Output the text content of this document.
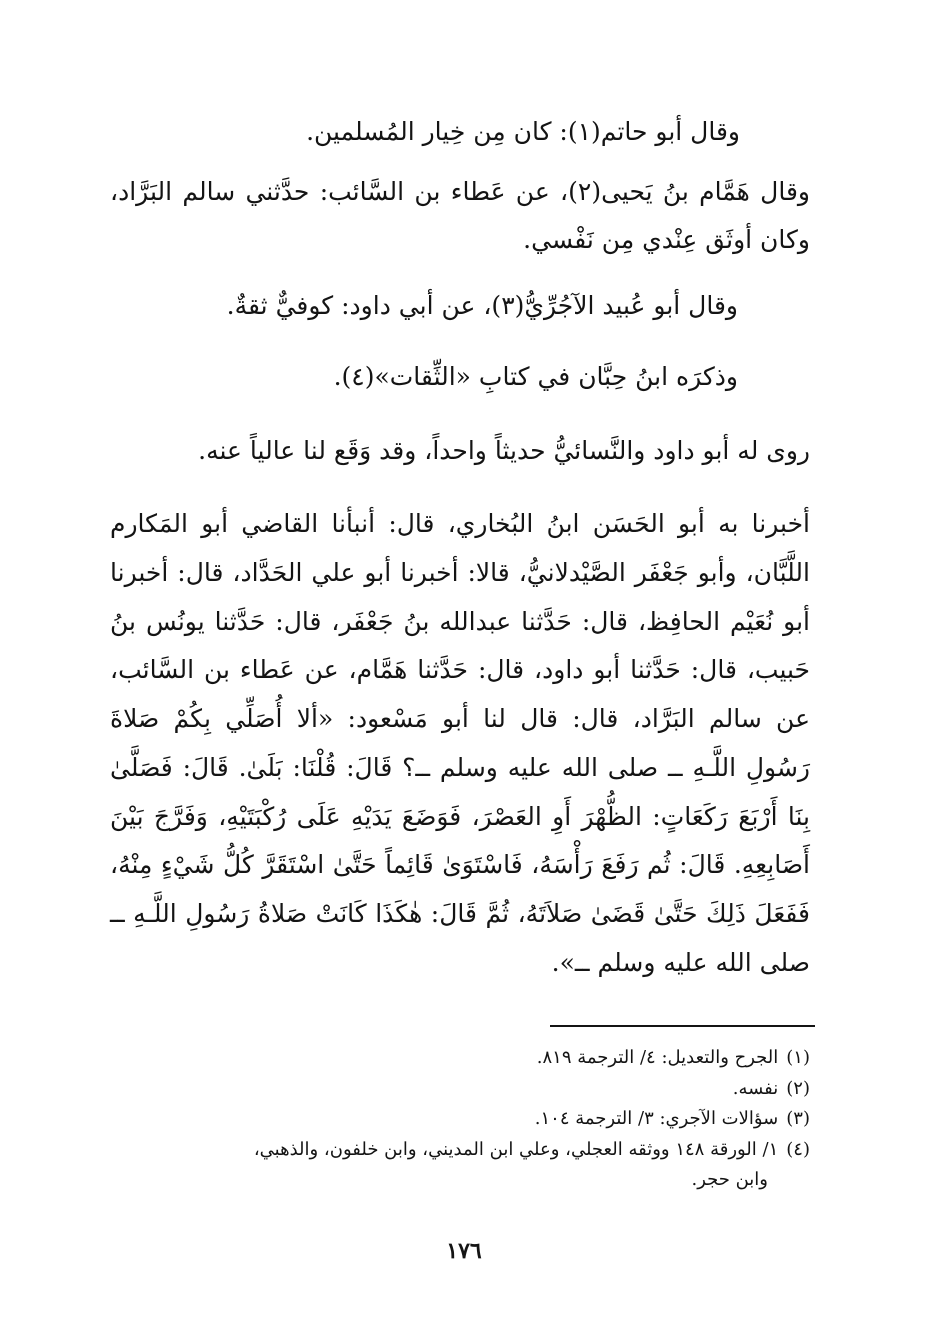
وقال أبو حاتم(١): كان مِن خِيار المُسلمين.

وقال هَمَّام بنُ يَحيى(٢)، عن عَطاء بن السَّائب: حدَّثني سالم البَرَّاد، وكان أوثَق عِنْدي مِن نَفْسي.

وقال أبو عُبيد الآجُرِّيُّ(٣)، عن أبي داود: كوفيٌّ ثقةٌ.

وذكرَه ابنُ حِبَّان في كتابِ «الثِّقات»(٤).

روى له أبو داود والنَّسائيُّ حديثاً واحداً، وقد وَقَع لنا عالياً عنه.

أخبرنا به أبو الحَسَن ابنُ البُخاري، قال: أنبأنا القاضي أبو المَكارم اللَّبَّان، وأبو جَعْفَر الصَّيْدلانيُّ، قالا: أخبرنا أبو علي الحَدَّاد، قال: أخبرنا أبو نُعَيْم الحافِظ، قال: حَدَّثنا عبدالله بنُ جَعْفَر، قال: حَدَّثنا يونُس بنُ حَبيب، قال: حَدَّثنا أبو داود، قال: حَدَّثنا هَمَّام، عن عَطاء بن السَّائب، عن سالم البَرَّاد، قال: قال لنا أبو مَسْعود: «ألا أُصَلِّي بِكُمْ صَلاةَ رَسُولِ اللَّـهِ ــ صلى الله عليه وسلم ــ؟ قَالَ: قُلْنَا: بَلَىٰ. قَالَ: فَصَلَّىٰ بِنَا أَرْبَعَ رَكَعَاتٍ: الظُّهْرَ أَوِ العَصْرَ، فَوَضَعَ يَدَيْهِ عَلَى رُكْبَتَيْهِ، وَفَرَّجَ بَيْنَ أَصَابِعِهِ. قَالَ: ثُم رَفَعَ رَأْسَهُ، فَاسْتَوَىٰ قَائِماً حَتَّىٰ اسْتَقَرَّ كُلُّ شَيْءٍ مِنْهُ، فَفَعَلَ ذَلِكَ حَتَّىٰ قَضَىٰ صَلاَتَهُ، ثُمَّ قَالَ: هٰكَذَا كَانَتْ صَلاةُ رَسُولِ اللَّـهِ ــ صلى الله عليه وسلم ــ».

(١)الجرح والتعديل: ٤/ الترجمة ٨١٩.
(٢)نفسه.
(٣)سؤالات الآجري: ٣/ الترجمة ١٠٤.
(٤)١/ الورقة ١٤٨ ووثقه العجلي، وعلي ابن المديني، وابن خلفون، والذهبي،
وابن حجر.
١٧٦
